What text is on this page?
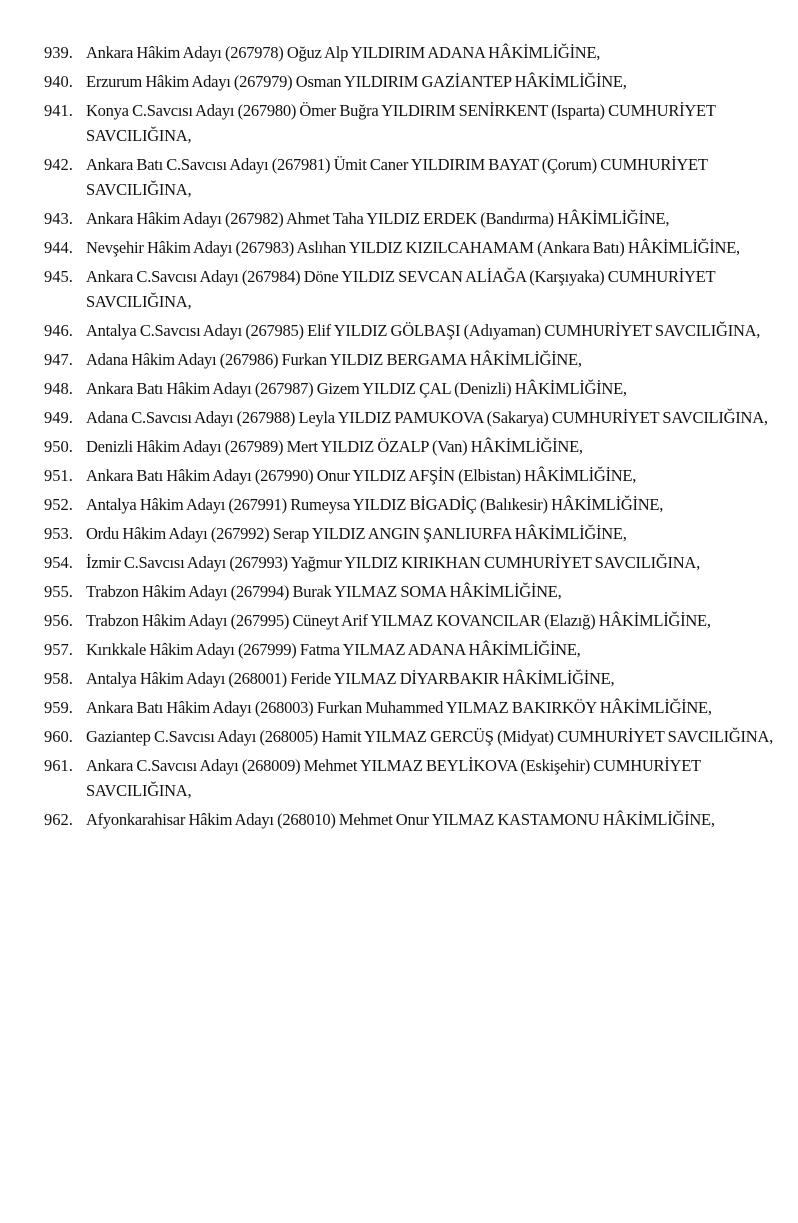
939. Ankara Hâkim Adayı (267978) Oğuz Alp YILDIRIM ADANA HÂKİMLİĞİNE,
940. Erzurum Hâkim Adayı (267979) Osman YILDIRIM GAZİANTEP HÂKİMLİĞİNE,
941. Konya C.Savcısı Adayı (267980) Ömer Buğra YILDIRIM SENİRKENT (Isparta) CUMHURİYET SAVCILIĞINA,
942. Ankara Batı C.Savcısı Adayı (267981) Ümit Caner YILDIRIM BAYAT (Çorum) CUMHURİYET SAVCILIĞINA,
943. Ankara Hâkim Adayı (267982) Ahmet Taha YILDIZ ERDEK (Bandırma) HÂKİMLİĞİNE,
944. Nevşehir Hâkim Adayı (267983) Aslıhan YILDIZ KIZILCAHAMAM (Ankara Batı) HÂKİMLİĞİNE,
945. Ankara C.Savcısı Adayı (267984) Döne YILDIZ SEVCAN ALİAĞA (Karşıyaka) CUMHURİYET SAVCILIĞINA,
946. Antalya C.Savcısı Adayı (267985) Elif YILDIZ GÖLBAŞI (Adıyaman) CUMHURİYET SAVCILIĞINA,
947. Adana Hâkim Adayı (267986) Furkan YILDIZ BERGAMA HÂKİMLİĞİNE,
948. Ankara Batı Hâkim Adayı (267987) Gizem YILDIZ ÇAL (Denizli) HÂKİMLİĞİNE,
949. Adana C.Savcısı Adayı (267988) Leyla YILDIZ PAMUKOVA (Sakarya) CUMHURİYET SAVCILIĞINA,
950. Denizli Hâkim Adayı (267989) Mert YILDIZ ÖZALP (Van) HÂKİMLİĞİNE,
951. Ankara Batı Hâkim Adayı (267990) Onur YILDIZ AFŞİN (Elbistan) HÂKİMLİĞİNE,
952. Antalya Hâkim Adayı (267991) Rumeysa YILDIZ BİGADİÇ (Balıkesir) HÂKİMLİĞİNE,
953. Ordu Hâkim Adayı (267992) Serap YILDIZ ANGIN ŞANLIURFA HÂKİMLİĞİNE,
954. İzmir C.Savcısı Adayı (267993) Yağmur YILDIZ KIRIKHAN CUMHURİYET SAVCILIĞINA,
955. Trabzon Hâkim Adayı (267994) Burak YILMAZ SOMA HÂKİMLİĞİNE,
956. Trabzon Hâkim Adayı (267995) Cüneyt Arif YILMAZ KOVANCILAR (Elazığ) HÂKİMLİĞİNE,
957. Kırıkkale Hâkim Adayı (267999) Fatma YILMAZ ADANA HÂKİMLİĞİNE,
958. Antalya Hâkim Adayı (268001) Feride YILMAZ DİYARBAKIR HÂKİMLİĞİNE,
959. Ankara Batı Hâkim Adayı (268003) Furkan Muhammed YILMAZ BAKIRKÖY HÂKİMLİĞİNE,
960. Gaziantep C.Savcısı Adayı (268005) Hamit YILMAZ GERCÜŞ (Midyat) CUMHURİYET SAVCILIĞINA,
961. Ankara C.Savcısı Adayı (268009) Mehmet YILMAZ BEYLİKOVA (Eskişehir) CUMHURİYET SAVCILIĞINA,
962. Afyonkarahisar Hâkim Adayı (268010) Mehmet Onur YILMAZ KASTAMONU HÂKİMLİĞİNE,
